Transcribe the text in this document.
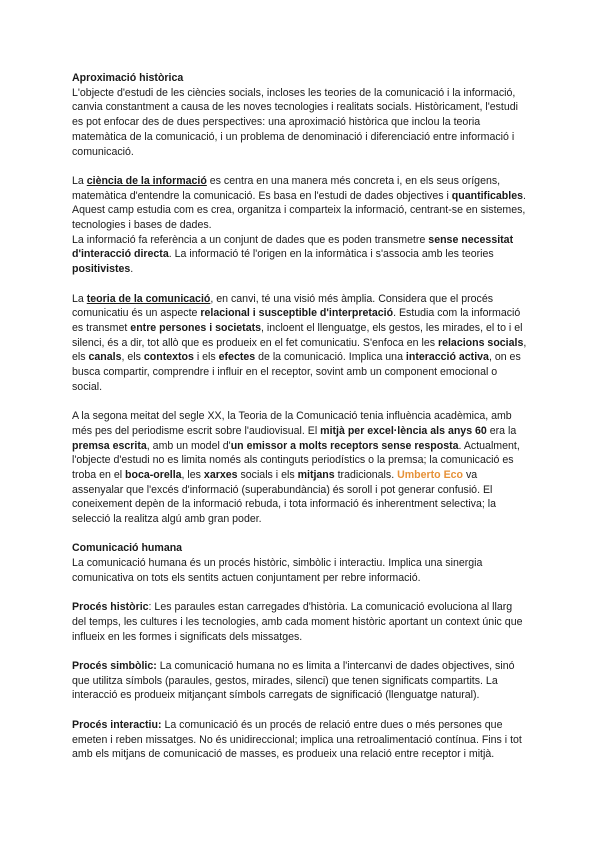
Aproximació històrica

L'objecte d'estudi de les ciències socials, incloses les teories de la comunicació i la informació, canvia constantment a causa de les noves tecnologies i realitats socials. Històricament, l'estudi es pot enfocar des de dues perspectives: una aproximació històrica que inclou la teoria matemàtica de la comunicació, i un problema de denominació i diferenciació entre informació i comunicació.

La ciència de la informació es centra en una manera més concreta i, en els seus orígens, matemàtica d'entendre la comunicació. Es basa en l'estudi de dades objectives i quantificables. Aquest camp estudia com es crea, organitza i comparteix la informació, centrant-se en sistemes, tecnologies i bases de dades.

La informació fa referència a un conjunt de dades que es poden transmetre sense necessitat d'interacció directa. La informació té l'origen en la informàtica i s'associa amb les teories positivistes.

La teoria de la comunicació, en canvi, té una visió més àmplia. Considera que el procés comunicatiu és un aspecte relacional i susceptible d'interpretació. Estudia com la informació es transmet entre persones i societats, incloent el llenguatge, els gestos, les mirades, el to i el silenci, és a dir, tot allò que es produeix en el fet comunicatiu. S'enfoca en les relacions socials, els canals, els contextos i els efectes de la comunicació. Implica una interacció activa, on es busca compartir, comprendre i influir en el receptor, sovint amb un component emocional o social.

A la segona meitat del segle XX, la Teoria de la Comunicació tenia influència acadèmica, amb més pes del periodisme escrit sobre l'audiovisual. El mitjà per excel·lència als anys 60 era la premsa escrita, amb un model d'un emissor a molts receptors sense resposta. Actualment, l'objecte d'estudi no es limita només als continguts periodístics o la premsa; la comunicació es troba en el boca-orella, les xarxes socials i els mitjans tradicionals. Umberto Eco va assenyalar que l'excés d'informació (superabundància) és soroll i pot generar confusió. El coneixement depèn de la informació rebuda, i tota informació és inherentment selectiva; la selecció la realitza algú amb gran poder.

Comunicació humana

La comunicació humana és un procés històric, simbòlic i interactiu. Implica una sinergia comunicativa on tots els sentits actuen conjuntament per rebre informació.

Procés històric: Les paraules estan carregades d'història. La comunicació evoluciona al llarg del temps, les cultures i les tecnologies, amb cada moment històric aportant un context únic que influeix en les formes i significats dels missatges.

Procés simbòlic: La comunicació humana no es limita a l'intercanvi de dades objectives, sinó que utilitza símbols (paraules, gestos, mirades, silenci) que tenen significats compartits. La interacció es produeix mitjançant símbols carregats de significació (llenguatge natural).

Procés interactiu: La comunicació és un procés de relació entre dues o més persones que emeten i reben missatges. No és unidireccional; implica una retroalimentació contínua. Fins i tot amb els mitjans de comunicació de masses, es produeix una relació entre receptor i mitjà.
